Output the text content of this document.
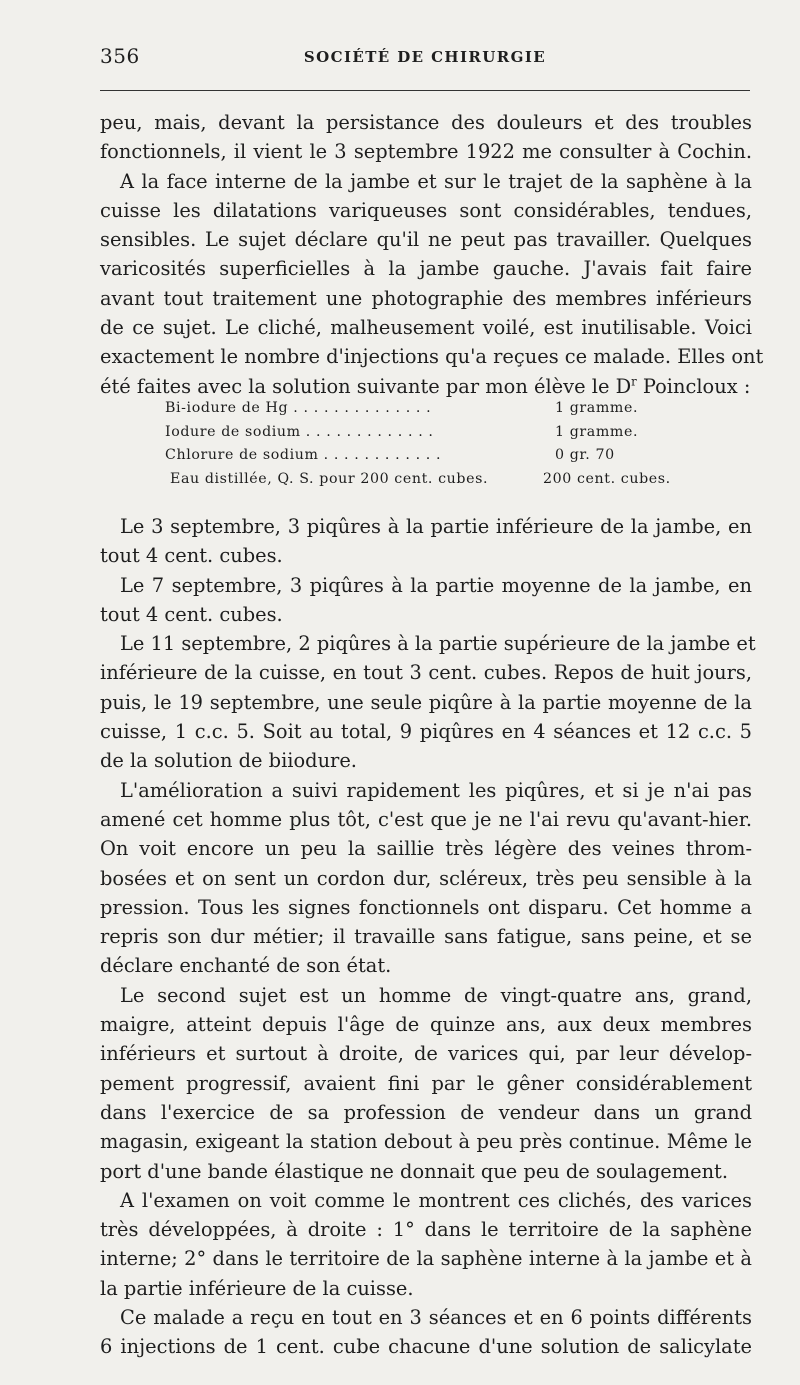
356	SOCIÉTÉ DE CHIRURGIE
peu, mais, devant la persistance des douleurs et des troubles
fonctionnels, il vient le 3 septembre 1922 me consulter à Cochin.
A la face interne de la jambe et sur le trajet de la saphène à la
cuisse les dilatations variqueuses sont considérables, tendues,
sensibles. Le sujet déclare qu'il ne peut pas travailler. Quelques
varicosités superficielles à la jambe gauche. J'avais fait faire
avant tout traitement une photographie des membres inférieurs
de ce sujet. Le cliché, malheusement voilé, est inutilisable. Voici
exactement le nombre d'injections qu'a reçues ce malade. Elles ont
été faites avec la solution suivante par mon élève le $D^r$ Poincloux :
Bi-iodure de Hg . . . . . . . . . . . . . .	1 gramme.
Iodure de sodium . . . . . . . . . . . . .	1 gramme.
Chlorure de sodium . . . . . . . . . . . .	0 gr. 70
Eau distillée, Q. S. pour 200 cent. cubes.	200 cent. cubes.
Le 3 septembre, 3 piqûres à la partie inférieure de la jambe, en
tout 4 cent. cubes.
Le 7 septembre, 3 piqûres à la partie moyenne de la jambe, en
tout 4 cent. cubes.
Le 11 septembre, 2 piqûres à la partie supérieure de la jambe et
inférieure de la cuisse, en tout 3 cent. cubes. Repos de huit jours,
puis, le 19 septembre, une seule piqûre à la partie moyenne de la
cuisse, 1 c.c. 5. Soit au total, 9 piqûres en 4 séances et 12 c.c. 5
de la solution de biiodure.
L'amélioration a suivi rapidement les piqûres, et si je n'ai pas
amené cet homme plus tôt, c'est que je ne l'ai revu qu'avant-hier.
On voit encore un peu la saillie très légère des veines throm-
bosées et on sent un cordon dur, scléreux, très peu sensible à la
pression. Tous les signes fonctionnels ont disparu. Cet homme a
repris son dur métier; il travaille sans fatigue, sans peine, et se
déclare enchanté de son état.
Le second sujet est un homme de vingt-quatre ans, grand,
maigre, atteint depuis l'âge de quinze ans, aux deux membres
inférieurs et surtout à droite, de varices qui, par leur dévelop-
pement progressif, avaient fini par le gêner considérablement
dans l'exercice de sa profession de vendeur dans un grand
magasin, exigeant la station debout à peu près continue. Même le
port d'une bande élastique ne donnait que peu de soulagement.
A l'examen on voit comme le montrent ces clichés, des varices
très développées, à droite : 1° dans le territoire de la saphène
interne; 2° dans le territoire de la saphène interne à la jambe et à
la partie inférieure de la cuisse.
Ce malade a reçu en tout en 3 séances et en 6 points différents
6 injections de 1 cent. cube chacune d'une solution de salicylate
